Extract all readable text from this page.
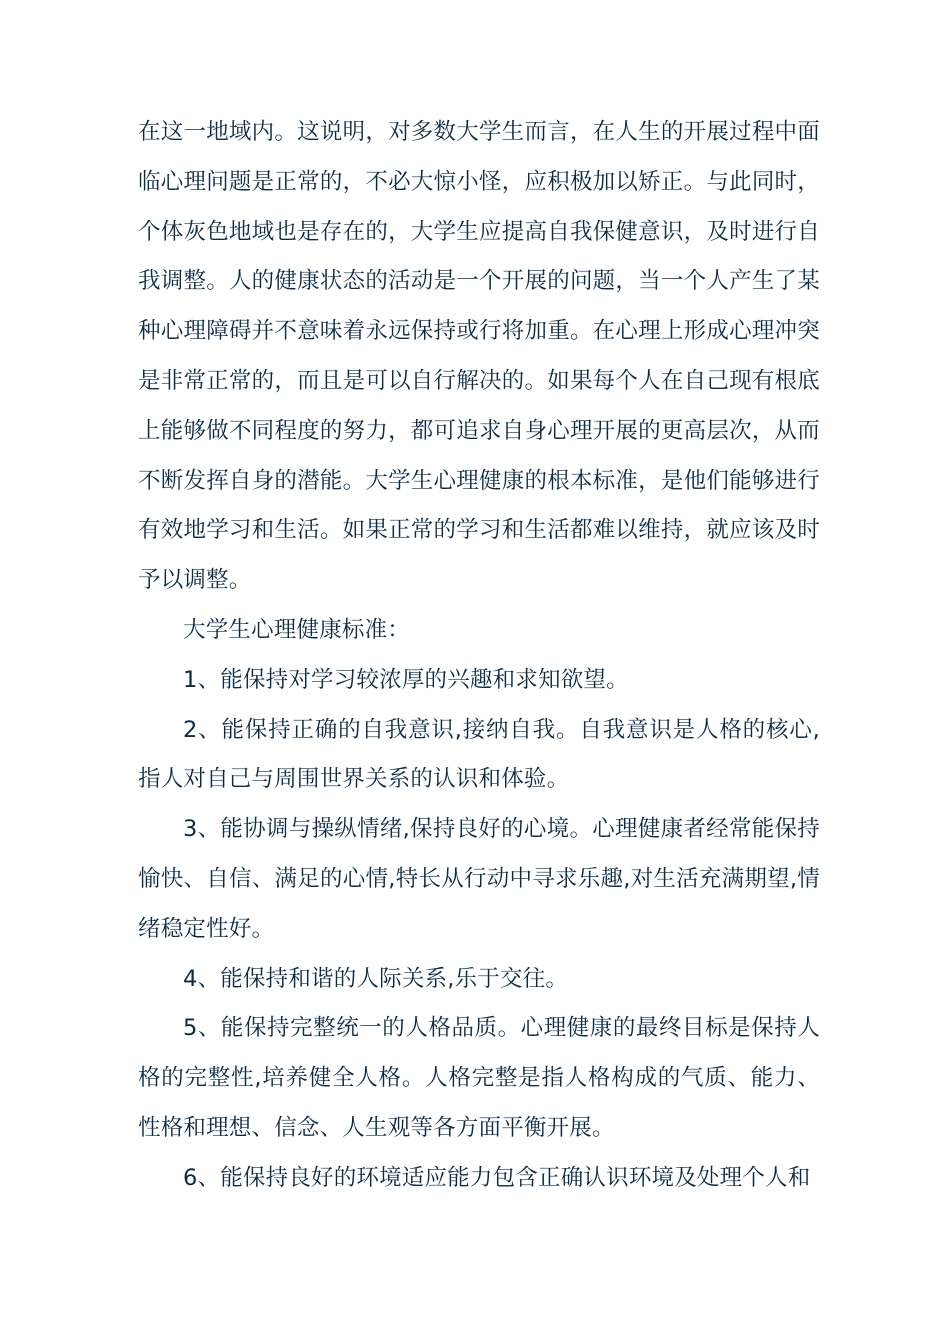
在这一地域内。这说明，对多数大学生而言，在人生的开展过程中面临心理问题是正常的，不必大惊小怪，应积极加以矫正。与此同时，个体灰色地域也是存在的，大学生应提高自我保健意识，及时进行自我调整。人的健康状态的活动是一个开展的问题，当一个人产生了某种心理障碍并不意味着永远保持或行将加重。在心理上形成心理冲突是非常正常的，而且是可以自行解决的。如果每个人在自己现有根底上能够做不同程度的努力，都可追求自身心理开展的更高层次，从而不断发挥自身的潜能。大学生心理健康的根本标准，是他们能够进行有效地学习和生活。如果正常的学习和生活都难以维持，就应该及时予以调整。

大学生心理健康标准：

1、能保持对学习较浓厚的兴趣和求知欲望。

2、能保持正确的自我意识,接纳自我。自我意识是人格的核心,指人对自己与周围世界关系的认识和体验。

3、能协调与操纵情绪,保持良好的心境。心理健康者经常能保持愉快、自信、满足的心情,特长从行动中寻求乐趣,对生活充满期望,情绪稳定性好。

4、能保持和谐的人际关系,乐于交往。

5、能保持完整统一的人格品质。心理健康的最终目标是保持人格的完整性,培养健全人格。人格完整是指人格构成的气质、能力、性格和理想、信念、人生观等各方面平衡开展。

6、能保持良好的环境适应能力包含正确认识环境及处理个人和
